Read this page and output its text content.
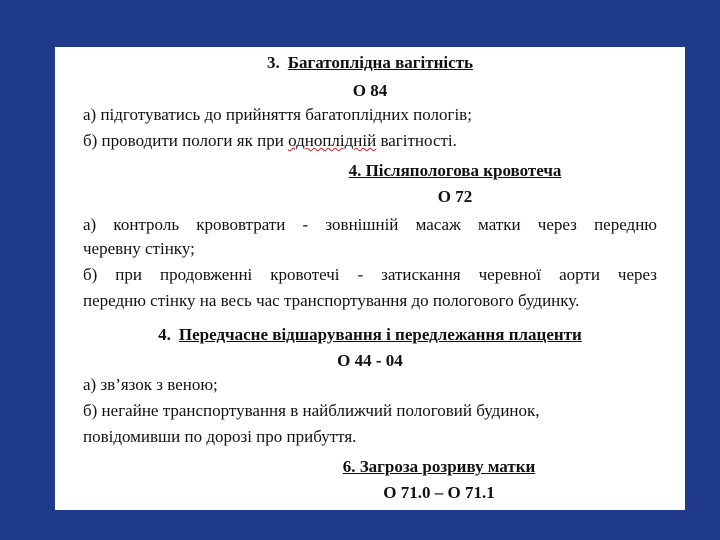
3. Багатоплідна вагітність
О 84
а) підготуватись до прийняття багатоплідних пологів;
б) проводити пологи як при одноплідній вагітності.
4. Післяпологова кровотеча
О 72
а) контроль крововтрати - зовнішній масаж матки через передню
черевну стінку;
б) при продовженні кровотечі - затискання черевної аорти через
передню стінку на весь час транспортування до пологового будинку.
4. Передчасне відшарування і передлежання плаценти
О 44 - 04
а) зв’язок з веною;
б) негайне транспортування в найближчий пологовий будинок,
повідомивши по дорозі про прибуття.
6. Загроза розриву матки
О 71.0 – О 71.1
